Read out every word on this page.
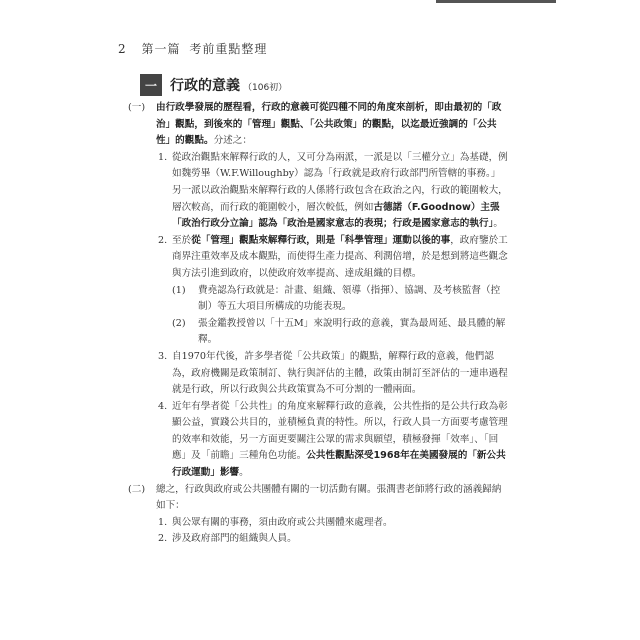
2 第一篇 考前重點整理
一 行政的意義 （106初）
(一)	由行政學發展的歷程看，行政的意義可從四種不同的角度來剖析，即由最初的「政治」觀點，到後來的「管理」觀點、「公共政策」的觀點，以迄最近強調的「公共性」的觀點。分述之：
1. 從政治觀點來解釋行政的人，又可分為兩派，一派是以「三權分立」為基礎，例如魏勞畢（W.F.Willoughby）認為「行政就是政府行政部門所管轄的事務。」另一派以政治觀點來解釋行政的人係將行政包含在政治之內，行政的範圍較大，層次較高，而行政的範圍較小，層次較低，例如古德諾（F.Goodnow）主張「政治行政分立論」認為「政治是國家意志的表現；行政是國家意志的執行」。
2. 至於從「管理」觀點來解釋行政，則是「科學管理」運動以後的事，政府鑒於工商界注重效率及成本觀點，而使得生產力提高、利潤倍增，於是想到將這些觀念與方法引進到政府，以使政府效率提高、達成組織的目標。
(1)	費堯認為行政就是：計畫、組織、領導（指揮）、協調、及考核監督（控制）等五大項目所構成的功能表現。
(2)	張金鑑教授曾以「十五M」來說明行政的意義，實為最周延、最具體的解釋。
3. 自1970年代後，許多學者從「公共政策」的觀點，解釋行政的意義，他們認為，政府機關是政策制訂、執行與評估的主體，政策由制訂至評估的一連串過程就是行政，所以行政與公共政策實為不可分割的一體兩面。
4. 近年有學者從「公共性」的角度來解釋行政的意義，公共性指的是公共行政為彰顯公益，實踐公共目的，並積極負責的特性。所以，行政人員一方面要考慮管理的效率和效能，另一方面更要關注公眾的需求與願望，積極發揮「效率」、「回應」及「前瞻」三種角色功能。公共性觀點深受1968年在美國發展的「新公共行政運動」影響。
(二)	總之，行政與政府或公共團體有關的一切活動有關。張潤書老師將行政的涵義歸納如下：
1. 與公眾有關的事務，須由政府或公共團體來處理者。
2. 涉及政府部門的組織與人員。
